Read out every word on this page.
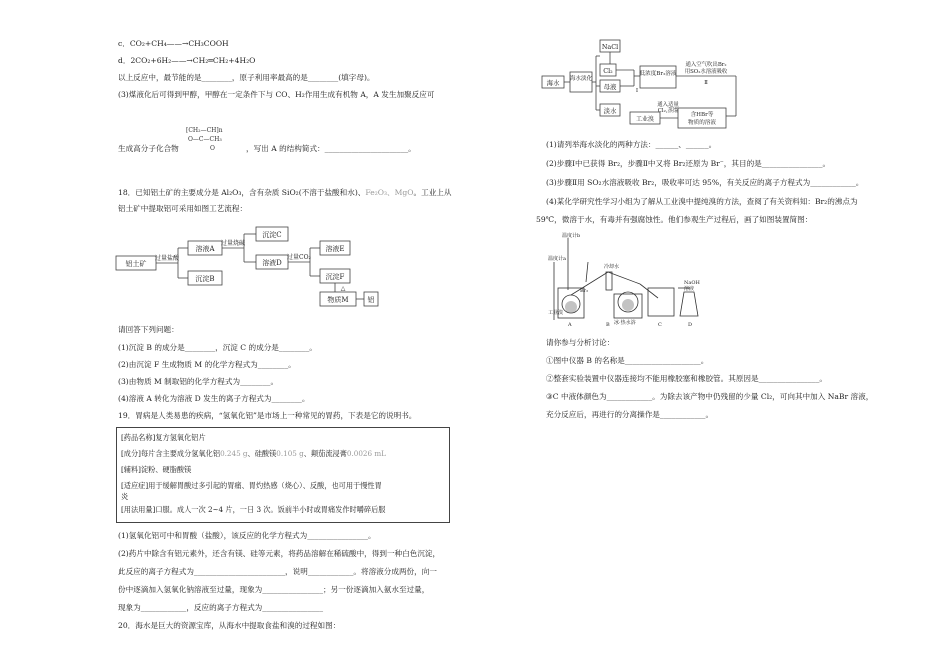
c．CO₂+CH₄——→CH₃COOH
d．2CO₂+6H₂——→CH₂═CH₂+4H₂O
以上反应中，最节能的是________，原子利用率最高的是________(填字母)。
(3)煤液化后可得到甲醇，甲醇在一定条件下与 CO、H₂作用生成有机物 A，A 发生加聚反应可
生成高分子化合物
[CH₂—CH]n
O—C—CH₃
O	，写出 A 的结构简式：______________________。
18．已知铝土矿的主要成分是 Al₂O₃，含有杂质 SiO₂(不溶于盐酸和水)、Fe₂O₃、MgO。工业上从
铝土矿中提取铝可采用如图工艺流程：
铝土矿
过量盐酸
溶液A
沉淀B
过量烧碱
沉淀C
溶液D
过量CO₂
溶液E
沉淀F
△
物质M	铝
请回答下列问题：
(1)沉淀 B 的成分是________，沉淀 C 的成分是________。
(2)由沉淀 F 生成物质 M 的化学方程式为________。
(3)由物质 M 制取铝的化学方程式为________。
(4)溶液 A 转化为溶液 D 发生的离子方程式为________。
19．胃病是人类易患的疾病，“氢氧化铝”是市场上一种常见的胃药，下表是它的说明书。
[药品名称]复方氢氧化铝片
[成分]每片含主要成分氢氧化铝0.245 g、硅酸镁0.105 g、颠茄流浸膏0.0026 mL
[辅料]淀粉、硬脂酸镁
[适应症]用于缓解胃酸过多引起的胃痛、胃灼热感（烧心）、反酸，也可用于慢性胃
炎
[用法用量]口服。成人一次 2~4 片，一日 3 次。饭前半小时或胃痛发作时嚼碎后服
(1)氢氧化铝可中和胃酸（盐酸），该反应的化学方程式为________________。
(2)药片中除含有铝元素外，还含有镁、硅等元素，将药品溶解在稀硫酸中，得到一种白色沉淀，
此反应的离子方程式为________________________，说明____________。将溶液分成两份，向一
份中逐滴加入氢氧化钠溶液至过量，现象为________________；另一份逐滴加入氨水至过量，
现象为____________，反应的离子方程式为________________
20．海水是巨大的资源宝库，从海水中提取食盐和溴的过程如图：
海水 海水淡化
NaCl
Cl₂
母液
淡水
低浓度Br₂溶液
Ⅰ
通入空气吹出Br₂
用SO₂水溶液吸收
Ⅱ
通入适量
Cl₂,蒸馏
工业溴
含HBr等
物质的溶液
(1)请列举海水淡化的两种方法：______、______。
(2)步骤Ⅰ中已获得 Br₂，步骤Ⅱ中又将 Br₂还原为 Br⁻，其目的是________________。
(3)步骤Ⅱ用 SO₂水溶液吸收 Br₂，吸收率可达 95%，有关反应的离子方程式为____________。
(4)某化学研究性学习小组为了解从工业溴中提纯溴的方法，查阅了有关资料知：Br₂的沸点为
59℃，微溶于水，有毒并有强腐蚀性。他们参观生产过程后，画了如图装置简图：
温度计b
温度计a
Br₂
冷却水
工业溴
冰·热水浴
NaOH
溶液
A	B	C	D
请你参与分析讨论：
①图中仪器 B 的名称是____________________。
②整套实验装置中仪器连接均不能用橡胶塞和橡胶管。其原因是________________。
③C 中液体颜色为____________。为除去该产物中仍残留的少量 Cl₂，可向其中加入 NaBr 溶液，
充分反应后，再进行的分离操作是____________。
